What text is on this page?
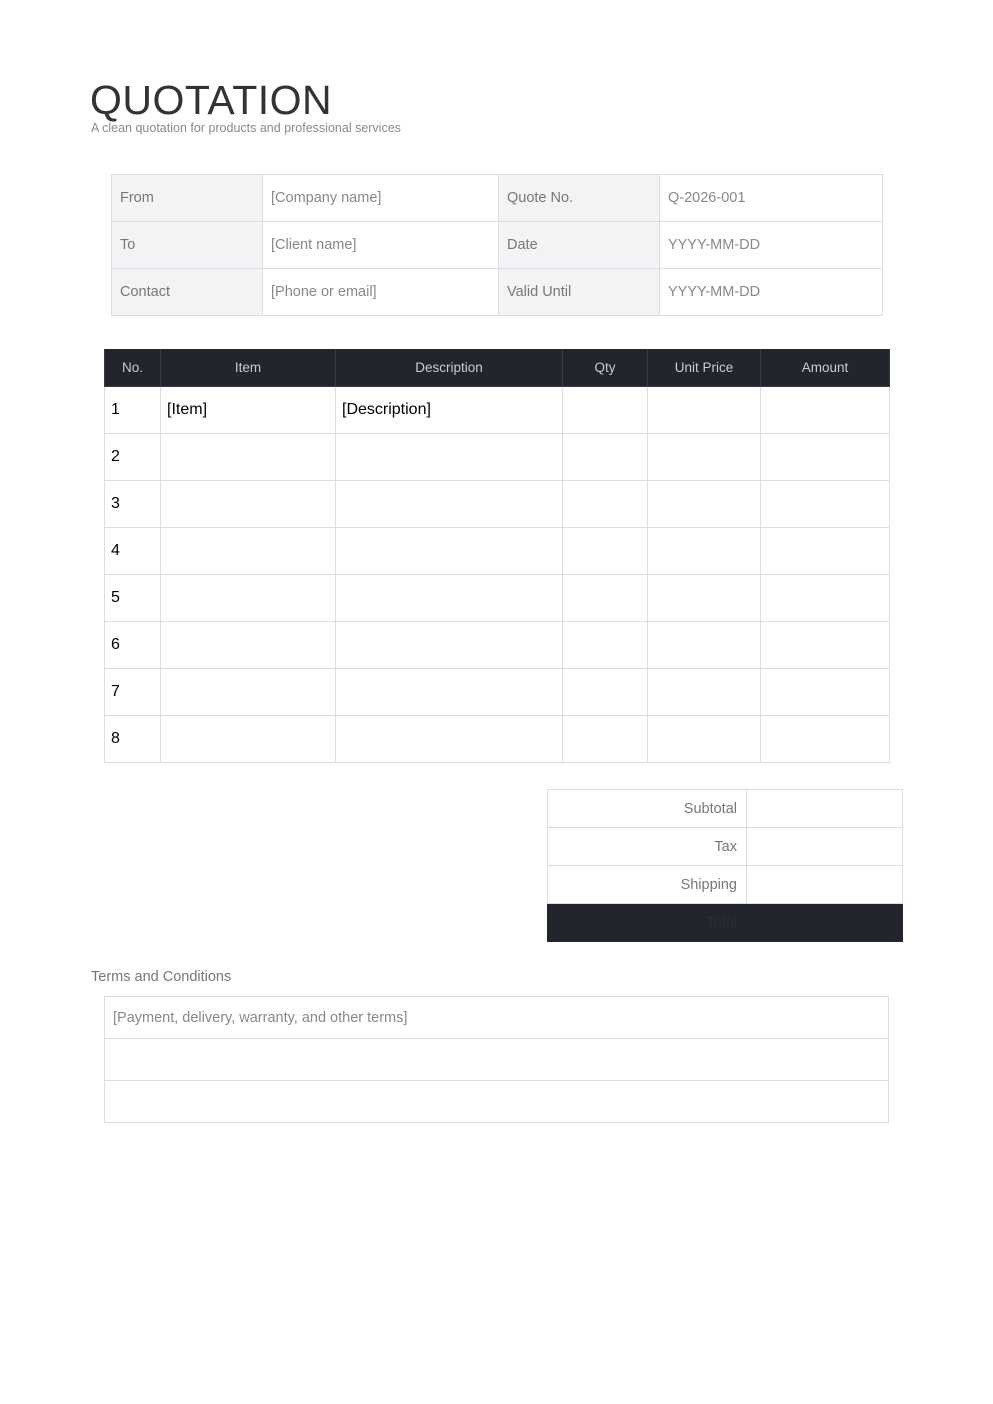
QUOTATION
A clean quotation for products and professional services
From	[Company name]	Quote No.	Q-2026-001
To	[Client name]	Date	YYYY-MM-DD
Contact	[Phone or email]	Valid Until	YYYY-MM-DD
No.	Item	Description	Qty	Unit Price	Amount
1	[Item]	[Description]			
2					
3					
4					
5					
6					
7					
8					
Subtotal	
Tax	
Shipping	
Total	
Terms and Conditions
[Payment, delivery, warranty, and other terms]
